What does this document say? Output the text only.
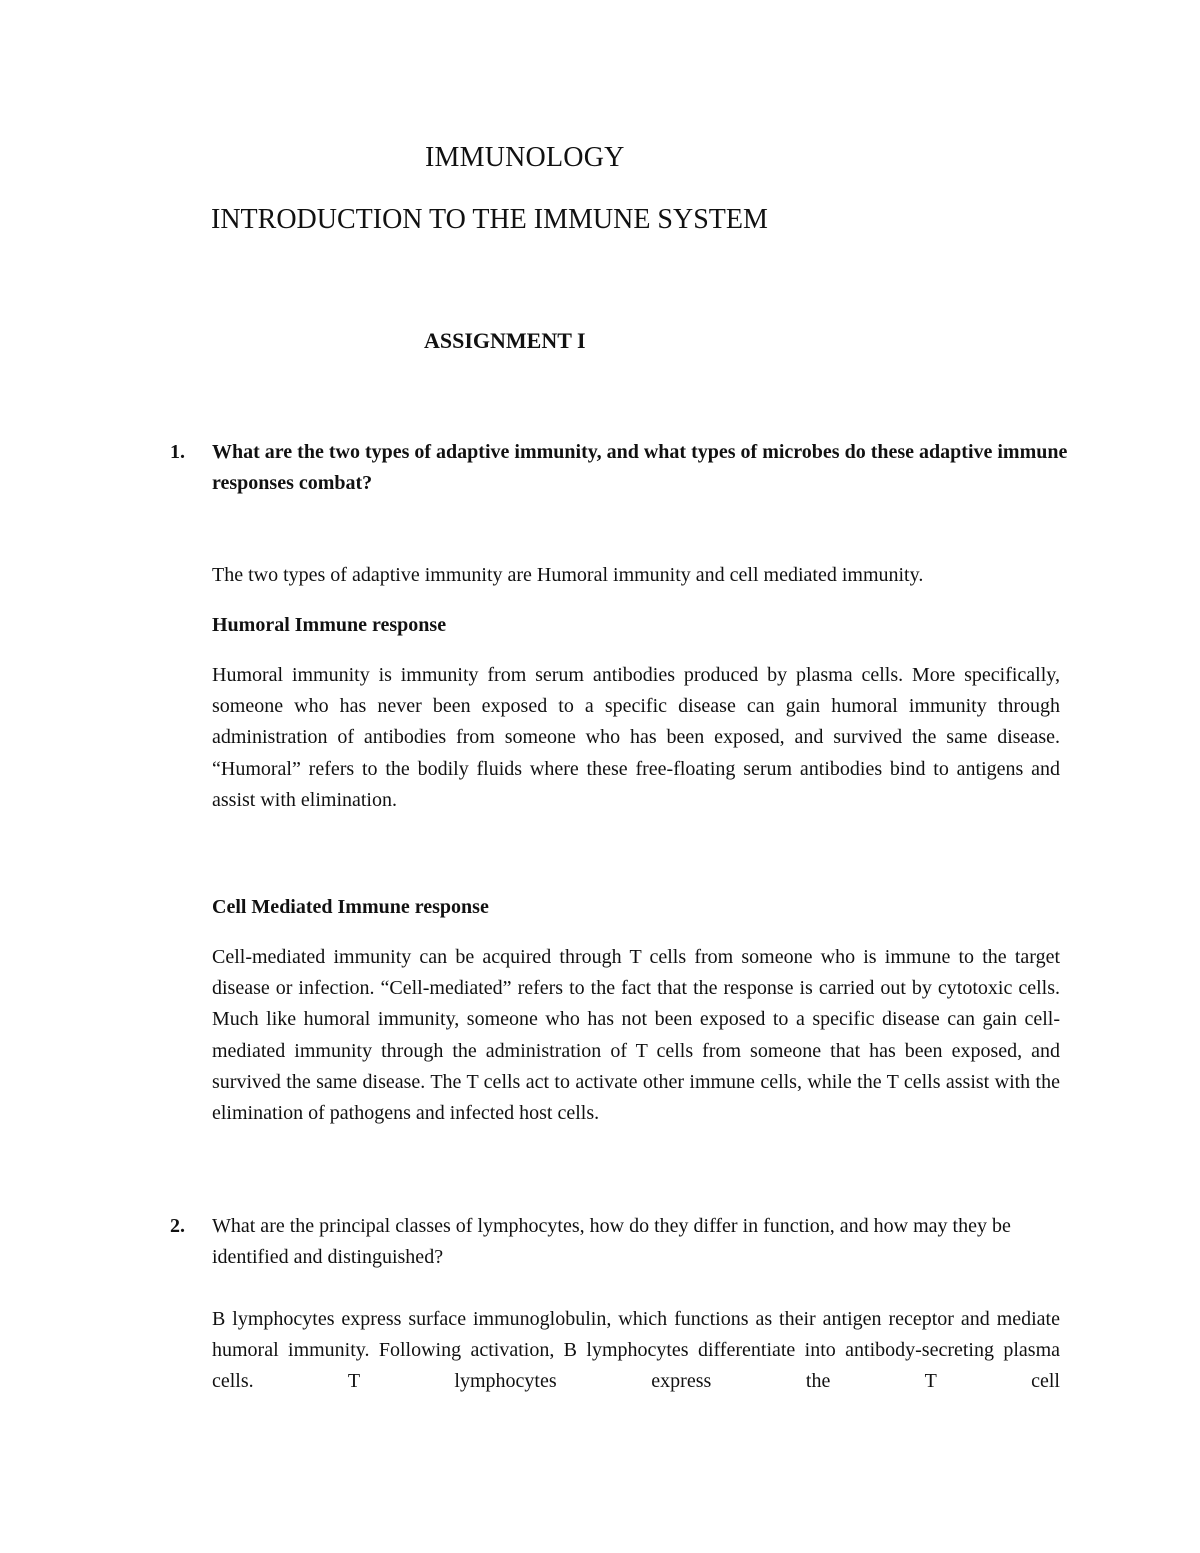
IMMUNOLOGY
INTRODUCTION TO THE IMMUNE SYSTEM
ASSIGNMENT I
1. What are the two types of adaptive immunity, and what types of microbes do these adaptive immune responses combat?

The two types of adaptive immunity are Humoral immunity and cell mediated immunity.

Humoral Immune response

Humoral immunity is immunity from serum antibodies produced by plasma cells. More specifically, someone who has never been exposed to a specific disease can gain humoral immunity through administration of antibodies from someone who has been exposed, and survived the same disease. “Humoral” refers to the bodily fluids where these free-floating serum antibodies bind to antigens and assist with elimination.

Cell Mediated Immune response

Cell-mediated immunity can be acquired through T cells from someone who is immune to the target disease or infection. “Cell-mediated” refers to the fact that the response is carried out by cytotoxic cells. Much like humoral immunity, someone who has not been exposed to a specific disease can gain cell-mediated immunity through the administration of T cells from someone that has been exposed, and survived the same disease. The T cells act to activate other immune cells, while the T cells assist with the elimination of pathogens and infected host cells.

2. What are the principal classes of lymphocytes, how do they differ in function, and how may they be identified and distinguished?

B lymphocytes express surface immunoglobulin, which functions as their antigen receptor and mediate humoral immunity. Following activation, B lymphocytes differentiate into antibody-secreting plasma cells. T lymphocytes express the T cell
